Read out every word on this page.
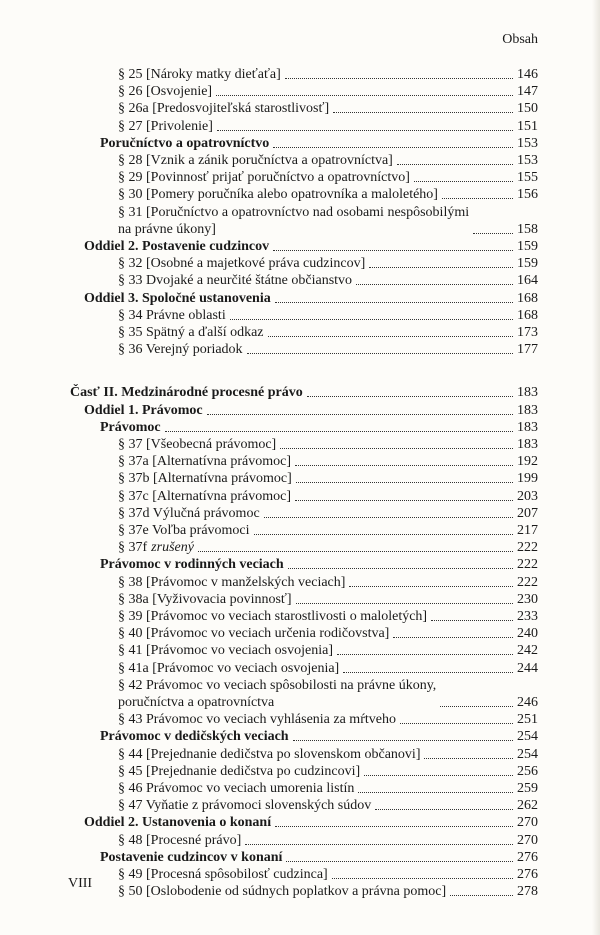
Obsah
§ 25 [Nároky matky dieťaťa]	146
§ 26 [Osvojenie]	147
§ 26a [Predosvojiteľská starostlivosť]	150
§ 27 [Privolenie]	151
Poručníctvo a opatrovníctvo	153
§ 28 [Vznik a zánik poručníctva a opatrovníctva]	153
§ 29 [Povinnosť prijať poručníctvo a opatrovníctvo]	155
§ 30 [Pomery poručníka alebo opatrovníka a maloletého]	156
§ 31 [Poručníctvo a opatrovníctvo nad osobami nespôsobilými
na právne úkony]	158
Oddiel 2. Postavenie cudzincov	159
§ 32 [Osobné a majetkové práva cudzincov]	159
§ 33 Dvojaké a neurčité štátne občianstvo	164
Oddiel 3. Spoločné ustanovenia	168
§ 34 Právne oblasti	168
§ 35 Spätný a ďalší odkaz	173
§ 36 Verejný poriadok	177
Časť II. Medzinárodné procesné právo	183
Oddiel 1. Právomoc	183
Právomoc	183
§ 37 [Všeobecná právomoc]	183
§ 37a [Alternatívna právomoc]	192
§ 37b [Alternatívna právomoc]	199
§ 37c [Alternatívna právomoc]	203
§ 37d Výlučná právomoc	207
§ 37e Voľba právomoci	217
§ 37f zrušený	222
Právomoc v rodinných veciach	222
§ 38 [Právomoc v manželských veciach]	222
§ 38a [Vyživovacia povinnosť]	230
§ 39 [Právomoc vo veciach starostlivosti o maloletých]	233
§ 40 [Právomoc vo veciach určenia rodičovstva]	240
§ 41 [Právomoc vo veciach osvojenia]	242
§ 41a [Právomoc vo veciach osvojenia]	244
§ 42 Právomoc vo veciach spôsobilosti na právne úkony,
poručníctva a opatrovníctva	246
§ 43 Právomoc vo veciach vyhlásenia za mŕtveho	251
Právomoc v dedičských veciach	254
§ 44 [Prejednanie dedičstva po slovenskom občanovi]	254
§ 45 [Prejednanie dedičstva po cudzincovi]	256
§ 46 Právomoc vo veciach umorenia listín	259
§ 47 Vyňatie z právomoci slovenských súdov	262
Oddiel 2. Ustanovenia o konaní	270
§ 48 [Procesné právo]	270
Postavenie cudzincov v konaní	276
§ 49 [Procesná spôsobilosť cudzinca]	276
§ 50 [Oslobodenie od súdnych poplatkov a právna pomoc]	278
VIII
